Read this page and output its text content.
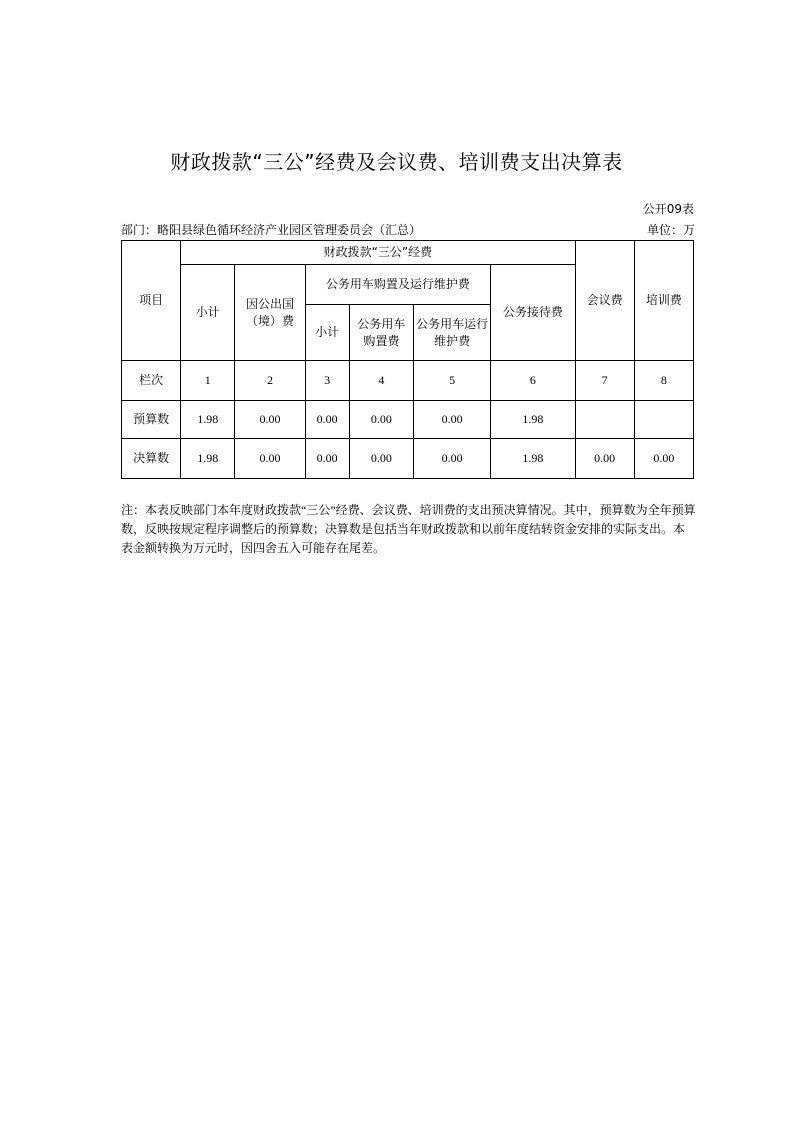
财政拨款“三公”经费及会议费、培训费支出决算表
公开09表
部门：略阳县绿色循环经济产业园区管理委员会（汇总）	单位：万
项目	财政拨款“三公”经费						会议费	培训费
	小计	因公出国（境）费	公务用车购置及运行维护费			公务接待费		
			小计	公务用车购置费	公务用车运行维护费			
栏次	1	2	3	4	5	6	7	8
预算数	1.98	0.00	0.00	0.00	0.00	1.98		
决算数	1.98	0.00	0.00	0.00	0.00	1.98	0.00	0.00
注：本表反映部门本年度财政拨款“三公”经费、会议费、培训费的支出预决算情况。其中，预算数为全年预算数，反映按规定程序调整后的预算数；决算数是包括当年财政拨款和以前年度结转资金安排的实际支出。本表金额转换为万元时，因四舍五入可能存在尾差。
